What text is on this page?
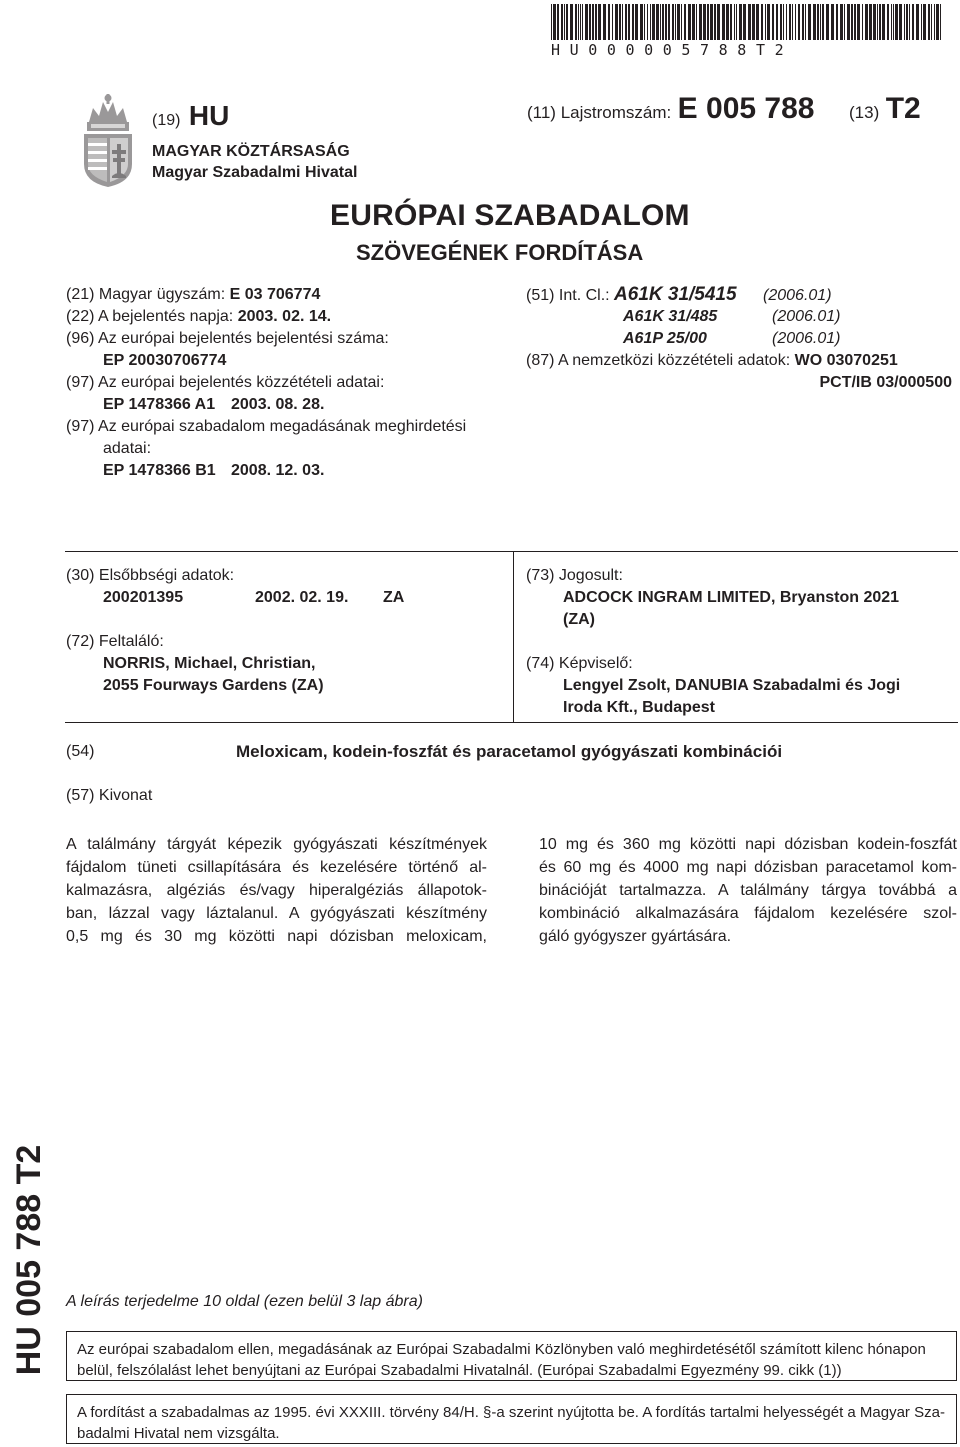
HU000005788T2
(19) HU	(11) Lajstromszám: E 005 788 (13) T2
MAGYAR KÖZTÁRSASÁG
Magyar Szabadalmi Hivatal
EURÓPAI SZABADALOM
SZÖVEGÉNEK FORDÍTÁSA
(21) Magyar ügyszám: E 03 706774
(22) A bejelentés napja: 2003. 02. 14.
(96) Az európai bejelentés bejelentési száma:
EP 20030706774
(97) Az európai bejelentés közzétételi adatai:
EP 1478366 A1 2003. 08. 28.
(97) Az európai szabadalom megadásának meghirdetési
adatai:
EP 1478366 B1 2008. 12. 03.
(51) Int. Cl.: A61K 31/5415 (2006.01)
A61K 31/485	(2006.01)
A61P 25/00	(2006.01)
(87) A nemzetközi közzétételi adatok: WO 03070251
PCT/IB 03/000500
(30) Elsőbbségi adatok:
200201395	2002. 02. 19. ZA
(72) Feltaláló:
NORRIS, Michael, Christian,
2055 Fourways Gardens (ZA)
(73) Jogosult:
ADCOCK INGRAM LIMITED, Bryanston 2021
(ZA)
(74) Képviselő:
Lengyel Zsolt, DANUBIA Szabadalmi és Jogi
Iroda Kft., Budapest
(54)	Meloxicam, kodein-foszfát és paracetamol gyógyászati kombinációi
(57) Kivonat
A találmány tárgyát képezik gyógyászati készítmények
fájdalom tüneti csillapítására és kezelésére történő al-
kalmazásra, algéziás és/vagy hiperalgéziás állapotok-
ban, lázzal vagy láztalanul. A gyógyászati készítmény
0,5 mg és 30 mg közötti napi dózisban meloxicam,
10 mg és 360 mg közötti napi dózisban kodein-foszfát
és 60 mg és 4000 mg napi dózisban paracetamol kom-
binációját tartalmazza. A találmány tárgya továbbá a
kombináció alkalmazására fájdalom kezelésére szol-
gáló gyógyszer gyártására.
HU 005 788 T2 A leírás terjedelme 10 oldal (ezen belül 3 lap ábra)
Az európai szabadalom ellen, megadásának az Európai Szabadalmi Közlönyben való meghirdetésétől számított kilenc hónapon
belül, felszólalást lehet benyújtani az Európai Szabadalmi Hivatalnál. (Európai Szabadalmi Egyezmény 99. cikk (1))
A fordítást a szabadalmas az 1995. évi XXXIII. törvény 84/H. §-a szerint nyújtotta be. A fordítás tartalmi helyességét a Magyar Sza-
badalmi Hivatal nem vizsgálta.
